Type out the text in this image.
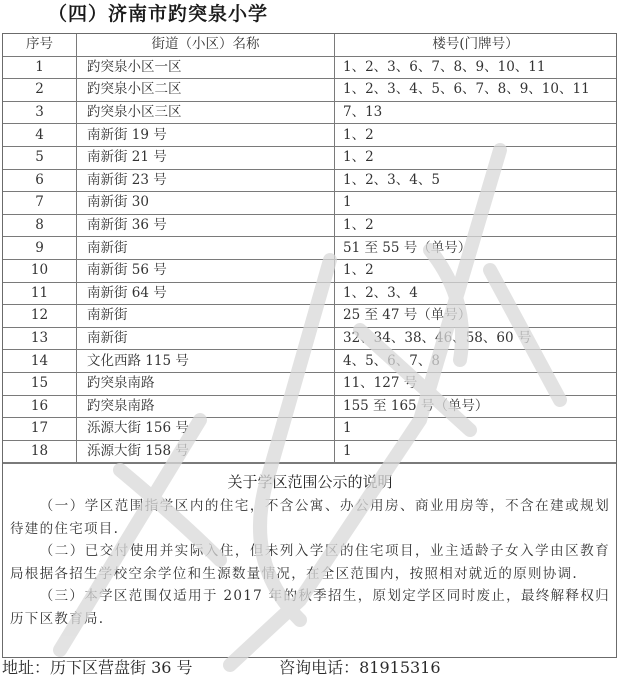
（四）济南市趵突泉小学
序号	街道（小区）名称	楼号(门牌号）
1	趵突泉小区一区	1、2、3、6、7、8、9、10、11
2	趵突泉小区二区	1、2、3、4、5、6、7、8、9、10、11
3	趵突泉小区三区	7、13
4	南新街 19 号	1、2
5	南新街 21 号	1、2
6	南新街 23 号	1、2、3、4、5
7	南新街 30	1
8	南新街 36 号	1、2
9	南新街	51 至 55 号（单号）
10	南新街 56 号	1、2
11	南新街 64 号	1、2、3、4
12	南新街	25 至 47 号（单号）
13	南新街	32、34、38、46、58、60 号
14	文化西路 115 号	4、5、6、7、8
15	趵突泉南路	11、127 号
16	趵突泉南路	155 至 165 号（单号）
17	泺源大街 156 号	1
18	泺源大街 158 号	1
关于学区范围公示的说明
（一）学区范围指学区内的住宅，不含公寓、办公用房、商业用房等，不含在建或规划待建的住宅项目.
（二）已交付使用并实际入住，但未列入学区的住宅项目，业主适龄子女入学由区教育局根据各招生学校空余学位和生源数量情况，在全区范围内，按照相对就近的原则协调.
（三）本学区范围仅适用于 2017 年的秋季招生，原划定学区同时废止，最终解释权归历下区教育局.
地址：历下区营盘街 36 号	咨询电话：81915316
